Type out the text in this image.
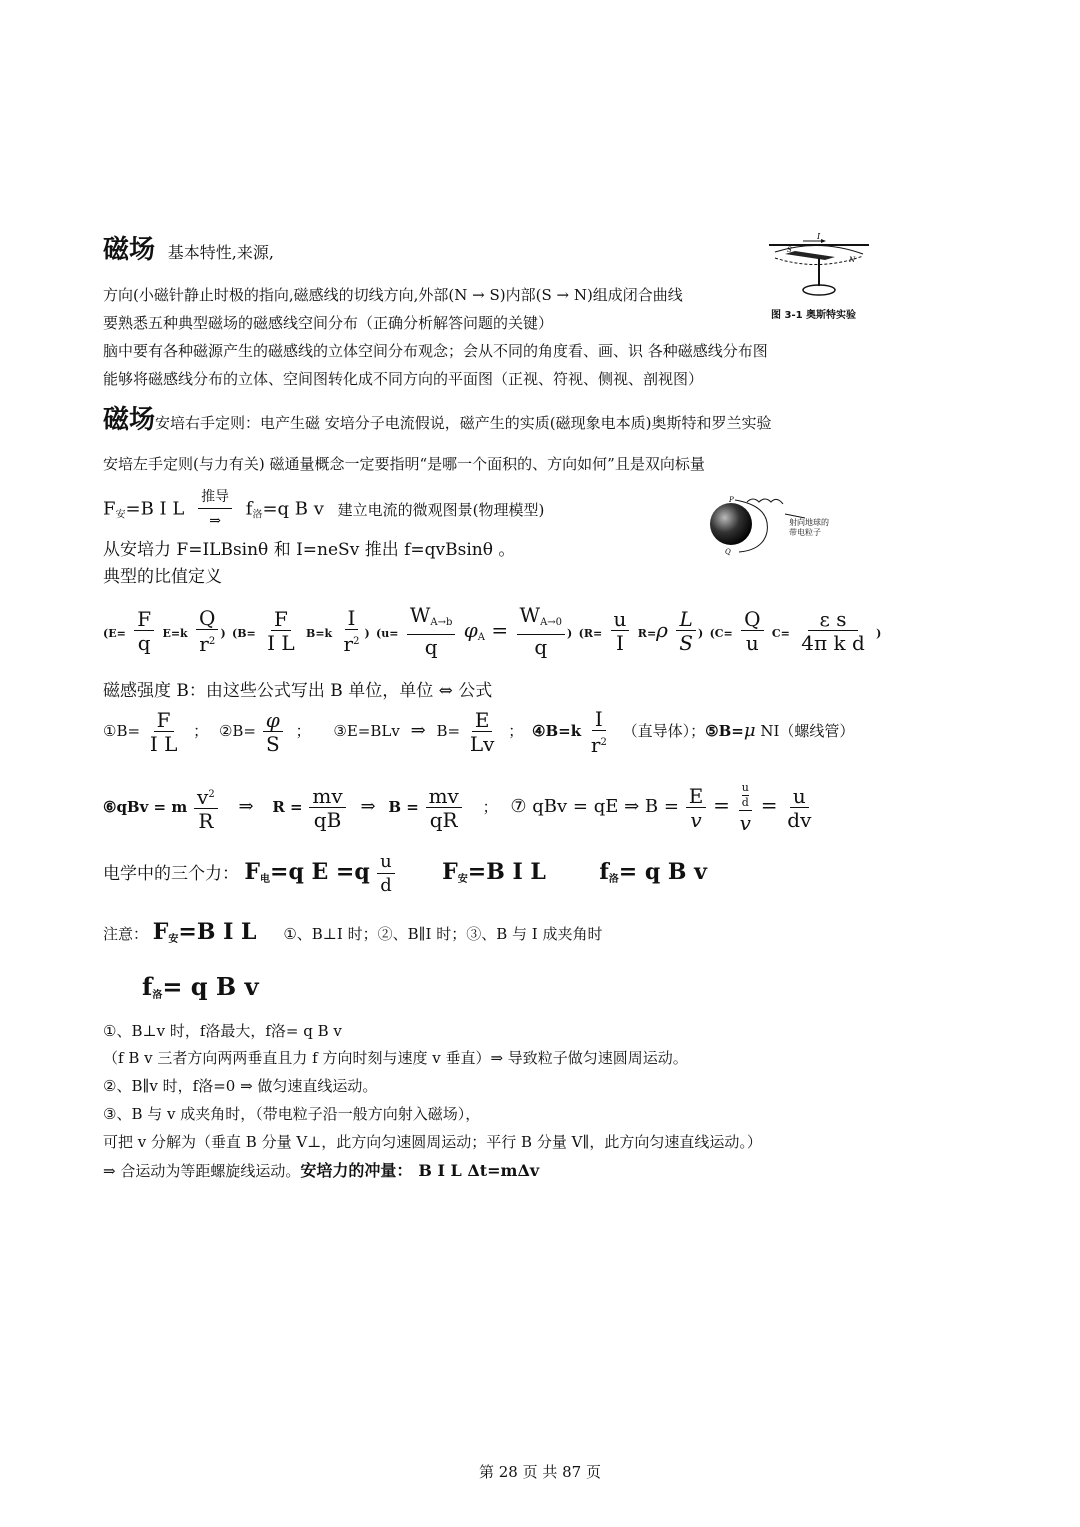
磁场 基本特性,来源,
I
S
N
图 3-1 奥斯特实验
方向(小磁针静止时极的指向,磁感线的切线方向,外部(N → S)内部(S → N)组成闭合曲线
要熟悉五种典型磁场的磁感线空间分布（正确分析解答问题的关键）
脑中要有各种磁源产生的磁感线的立体空间分布观念；会从不同的角度看、画、识 各种磁感线分布图
能够将磁感线分布的立体、空间图转化成不同方向的平面图（正视、符视、侧视、剖视图）
磁场安培右手定则：电产生磁 安培分子电流假说，磁产生的实质(磁现象电本质)奥斯特和罗兰实验
安培左手定则(与力有关) 磁通量概念一定要指明“是哪一个面积的、方向如何”且是双向标量
$F_安=B$ I L $\frac{\text{推导}}{\Rightarrow} f_洛=q$ B v 建立电流的微观图景(物理模型)
P
Q
射向地球的
带电粒子
从安培力 F=ILBsinθ 和 I=neSv 推出 f=qvBsinθ 。
典型的比值定义
($E= \frac{F}{q} E=k \frac{Q}{r^2}$ ) ($B= \frac{F}{\text{I L}} B=k \frac{I}{r^2}$ ) ($u= \frac{W_{A\to b}}{q} \varphi_A = \frac{W_{A\to 0}}{q}$ ) ($R= \frac{u}{I} R=\rho \frac{L}{S}$ ) ($C= \frac{Q}{u} C= \frac{\text{ε s}}{\text{4π k d}}$ )
磁感强度 B：由这些公式写出 B 单位，单位 ⇔ 公式
①B= $\frac{F}{\text{I L}}$ ； ②B= $\frac{\varphi}{S}$ ； ③E=BLv ⇒ $B= \frac{E}{Lv}$ ； ④B=k $\frac{I}{r^2}$ （直导体）；⑤B=μ NI（螺线管）
⑥qBv = m $\frac{v^2}{R}$ ⇒ $R = \frac{mv}{qB}$ ⇒ $B = \frac{mv}{qR}$ ； ⑦ qBv = qE ⇒ $B = \frac{E}{v} = \frac{\frac{u}{d}}{v} = \frac{u}{dv}$
电学中的三个力： $F_电=q$ $E =q \frac{u}{d} F_安=B$ I L $f_洛= q$ B v
注意： $F_安=B$ I L ①、B⊥I 时；②、B∥I 时；③、B 与 I 成夹角时
$f_洛= q$ B v
①、B⊥v 时，f洛最大，f洛= q B v
（f B v 三者方向两两垂直且力 f 方向时刻与速度 v 垂直）⇒ 导致粒子做匀速圆周运动。
②、B∥v 时，f洛=0 ⇒ 做匀速直线运动。
③、B 与 v 成夹角时，（带电粒子沿一般方向射入磁场），
可把 v 分解为（垂直 B 分量 V⊥，此方向匀速圆周运动；平行 B 分量 V∥，此方向匀速直线运动。）
⇒ 合运动为等距螺旋线运动。安培力的冲量： B I L Δt=mΔv
第 28 页 共 87 页
